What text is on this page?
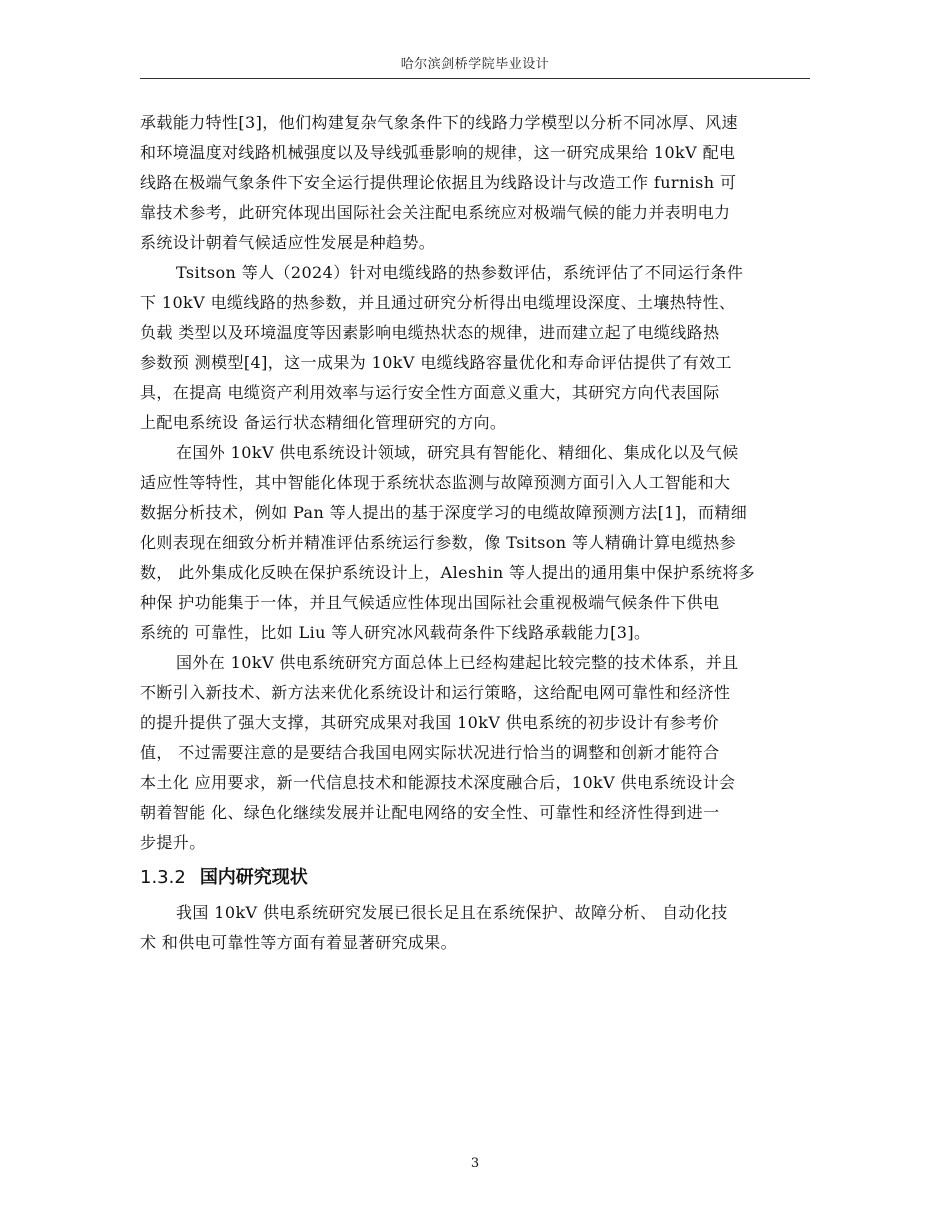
哈尔滨剑桥学院毕业设计

承载能力特性[3]，他们构建复杂气象条件下的线路力学模型以分析不同冰厚、风速
和环境温度对线路机械强度以及导线弧垂影响的规律，这一研究成果给 10kV 配电
线路在极端气象条件下安全运行提供理论依据且为线路设计与改造工作 furnish 可
靠技术参考，此研究体现出国际社会关注配电系统应对极端气候的能力并表明电力
系统设计朝着气候适应性发展是种趋势。

Tsitson 等人（2024）针对电缆线路的热参数评估，系统评估了不同运行条件
下 10kV 电缆线路的热参数，并且通过研究分析得出电缆埋设深度、土壤热特性、
负载 类型以及环境温度等因素影响电缆热状态的规律，进而建立起了电缆线路热
参数预 测模型[4]，这一成果为 10kV 电缆线路容量优化和寿命评估提供了有效工
具，在提高 电缆资产利用效率与运行安全性方面意义重大，其研究方向代表国际
上配电系统设 备运行状态精细化管理研究的方向。

在国外 10kV 供电系统设计领域，研究具有智能化、精细化、集成化以及气候
适应性等特性，其中智能化体现于系统状态监测与故障预测方面引入人工智能和大
数据分析技术，例如 Pan 等人提出的基于深度学习的电缆故障预测方法[1]，而精细
化则表现在细致分析并精准评估系统运行参数，像 Tsitson 等人精确计算电缆热参
数， 此外集成化反映在保护系统设计上，Aleshin 等人提出的通用集中保护系统将多
种保 护功能集于一体，并且气候适应性体现出国际社会重视极端气候条件下供电
系统的 可靠性，比如 Liu 等人研究冰风载荷条件下线路承载能力[3]。

国外在 10kV 供电系统研究方面总体上已经构建起比较完整的技术体系，并且
不断引入新技术、新方法来优化系统设计和运行策略，这给配电网可靠性和经济性
的提升提供了强大支撑，其研究成果对我国 10kV 供电系统的初步设计有参考价
值， 不过需要注意的是要结合我国电网实际状况进行恰当的调整和创新才能符合
本土化 应用要求，新一代信息技术和能源技术深度融合后，10kV 供电系统设计会
朝着智能 化、绿色化继续发展并让配电网络的安全性、可靠性和经济性得到进一
步提升。

1.3.2 国内研究现状

我国 10kV 供电系统研究发展已很长足且在系统保护、故障分析、 自动化技
术 和供电可靠性等方面有着显著研究成果。

3
